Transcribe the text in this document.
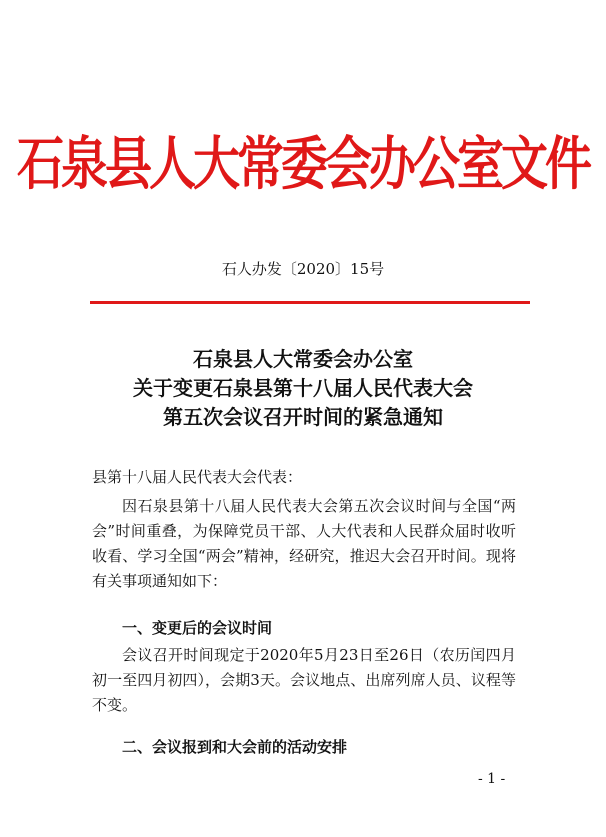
石泉县人大常委会办公室文件
石人办发〔2020〕15号
石泉县人大常委会办公室
关于变更石泉县第十八届人民代表大会
第五次会议召开时间的紧急通知
县第十八届人民代表大会代表：
因石泉县第十八届人民代表大会第五次会议时间与全国“两会”时间重叠，为保障党员干部、人大代表和人民群众届时收听收看、学习全国“两会”精神，经研究，推迟大会召开时间。现将有关事项通知如下：
一、变更后的会议时间
会议召开时间现定于2020年5月23日至26日（农历闰四月初一至四月初四），会期3天。会议地点、出席列席人员、议程等不变。
二、会议报到和大会前的活动安排
- 1 -
